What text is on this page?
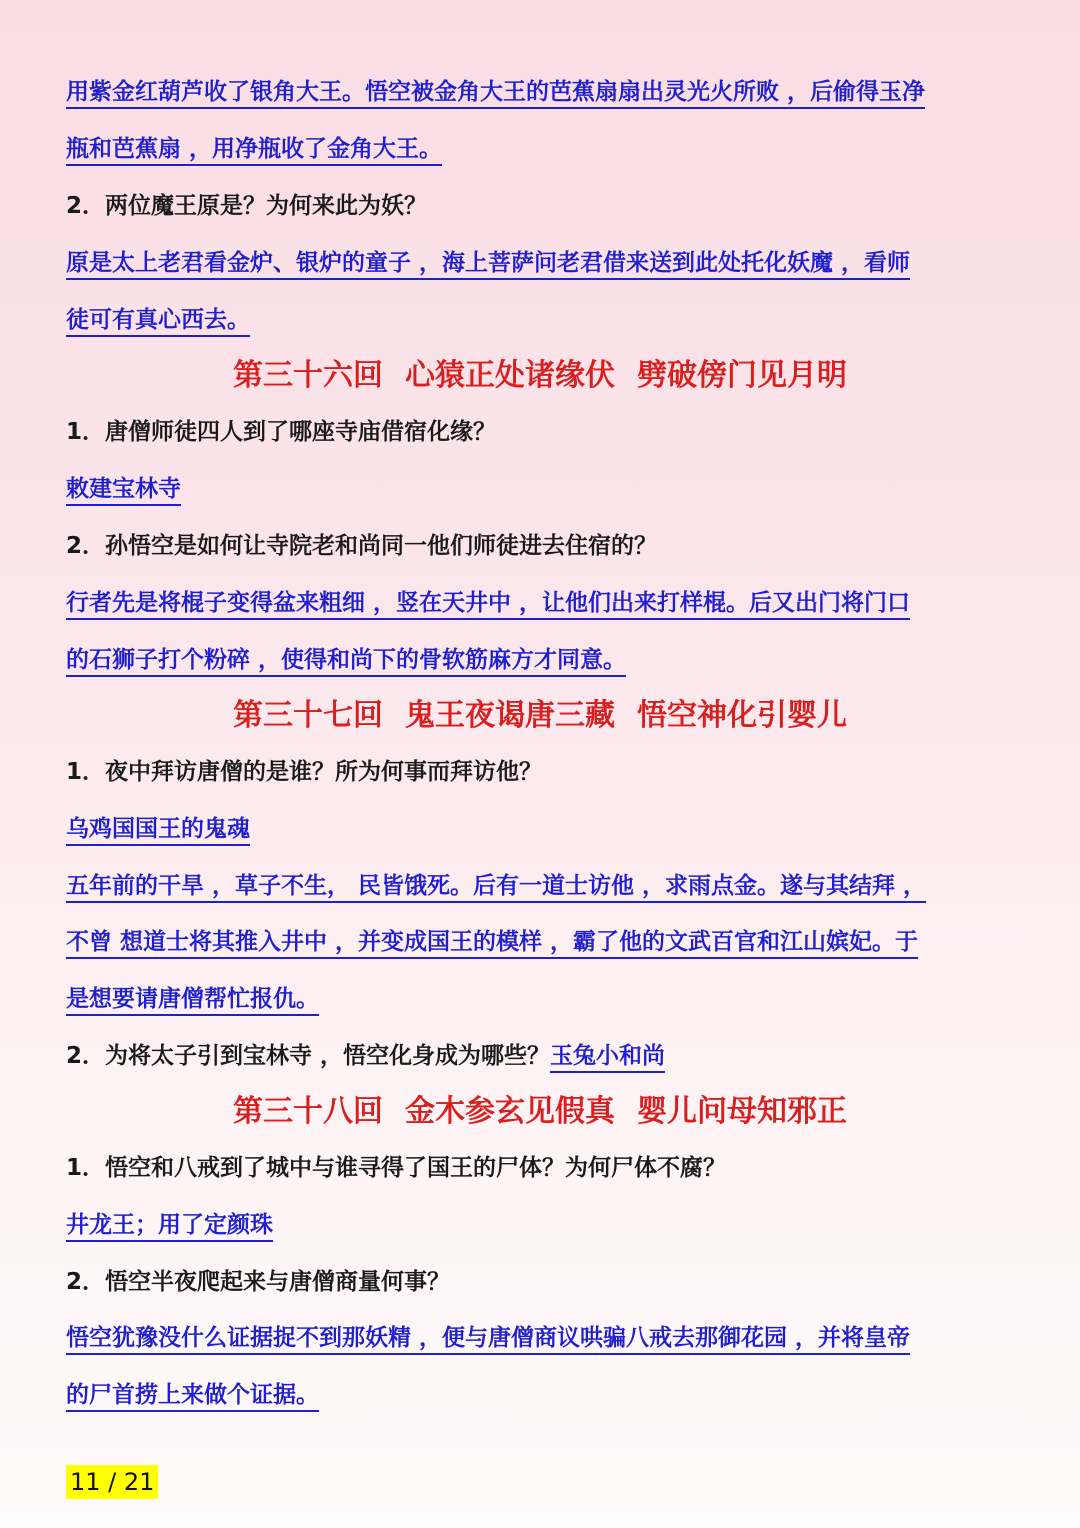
用紫金红葫芦收了银角大王。悟空被金角大王的芭蕉扇扇出灵光火所败 ，后偷得玉净
瓶和芭蕉扇 ，用净瓶收了金角大王。
2．两位魔王原是？为何来此为妖？
原是太上老君看金炉、银炉的童子 ，海上菩萨问老君借来送到此处托化妖魔 ，看师
徒可有真心西去。
第三十六回 心猿正处诸缘伏 劈破傍门见月明
1．唐僧师徒四人到了哪座寺庙借宿化缘？
敕建宝林寺
2．孙悟空是如何让寺院老和尚同一他们师徒进去住宿的？
行者先是将棍子变得盆来粗细 ，竖在天井中 ，让他们出来打样棍。后又出门将门口
的石狮子打个粉碎 ，使得和尚下的骨软筋麻方才同意。
第三十七回 鬼王夜谒唐三藏 悟空神化引婴儿
1．夜中拜访唐僧的是谁？所为何事而拜访他？
乌鸡国国王的鬼魂
五年前的干旱 ，草子不生， 民皆饿死。后有一道士访他 ，求雨点金。遂与其结拜 ，
不曾 想道士将其推入井中 ，并变成国王的模样 ，霸了他的文武百官和江山嫔妃。于
是想要请唐僧帮忙报仇。
2．为将太子引到宝林寺 ，悟空化身成为哪些？玉兔小和尚
第三十八回 金木参玄见假真 婴儿问母知邪正
1．悟空和八戒到了城中与谁寻得了国王的尸体？为何尸体不腐？
井龙王；用了定颜珠
2．悟空半夜爬起来与唐僧商量何事？
悟空犹豫没什么证据捉不到那妖精 ，便与唐僧商议哄骗八戒去那御花园 ，并将皇帝
的尸首捞上来做个证据。
11 / 21
